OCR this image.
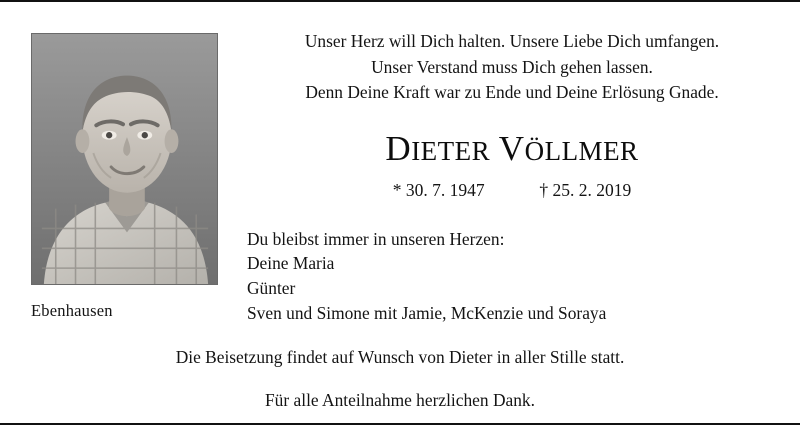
Ebenhausen
Unser Herz will Dich halten. Unsere Liebe Dich umfangen.
Unser Verstand muss Dich gehen lassen.
Denn Deine Kraft war zu Ende und Deine Erlösung Gnade.
DIETER VÖLLMER
* 30. 7. 1947	† 25. 2. 2019
Du bleibst immer in unseren Herzen:
Deine Maria
Günter
Sven und Simone mit Jamie, McKenzie und Soraya
Die Beisetzung findet auf Wunsch von Dieter in aller Stille statt.
Für alle Anteilnahme herzlichen Dank.
